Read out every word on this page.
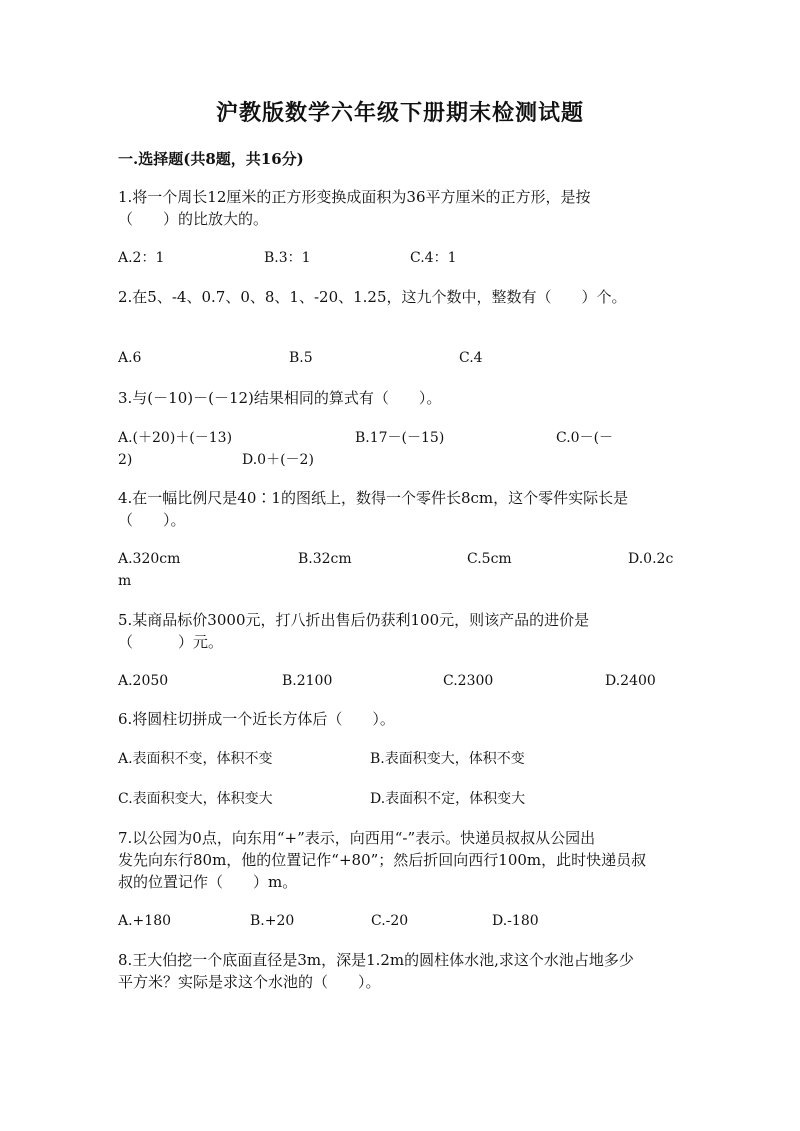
沪教版数学六年级下册期末检测试题
一.选择题(共8题，共16分)
1.将一个周长12厘米的正方形变换成面积为36平方厘米的正方形，是按
（　　）的比放大的。
A.2：1	B.3：1	C.4：1
2.在5、-4、0.7、0、8、1、-20、1.25，这九个数中，整数有（　　）个。
A.6	B.5	C.4
3.与(－10)－(－12)结果相同的算式有（　　）。
A.(＋20)＋(－13)	B.17－(－15)	C.0－(－
2)	D.0＋(－2)
4.在一幅比例尺是40∶1的图纸上，数得一个零件长8cm，这个零件实际长是
（　　）。
A.320cm	B.32cm	C.5cm	D.0.2c
m
5.某商品标价3000元，打八折出售后仍获利100元，则该产品的进价是
（　　　）元。
A.2050	B.2100	C.2300	D.2400
6.将圆柱切拼成一个近长方体后（　　）。
A.表面积不变，体积不变	B.表面积变大，体积不变
C.表面积变大，体积变大	D.表面积不定，体积变大
7.以公园为0点，向东用“+”表示，向西用“-”表示。快递员叔叔从公园出
发先向东行80m，他的位置记作“+80”；然后折回向西行100m，此时快递员叔
叔的位置记作（　　）m。
A.+180	B.+20	C.-20	D.-180
8.王大伯挖一个底面直径是3m，深是1.2m的圆柱体水池,求这个水池占地多少
平方米？实际是求这个水池的（　　）。
